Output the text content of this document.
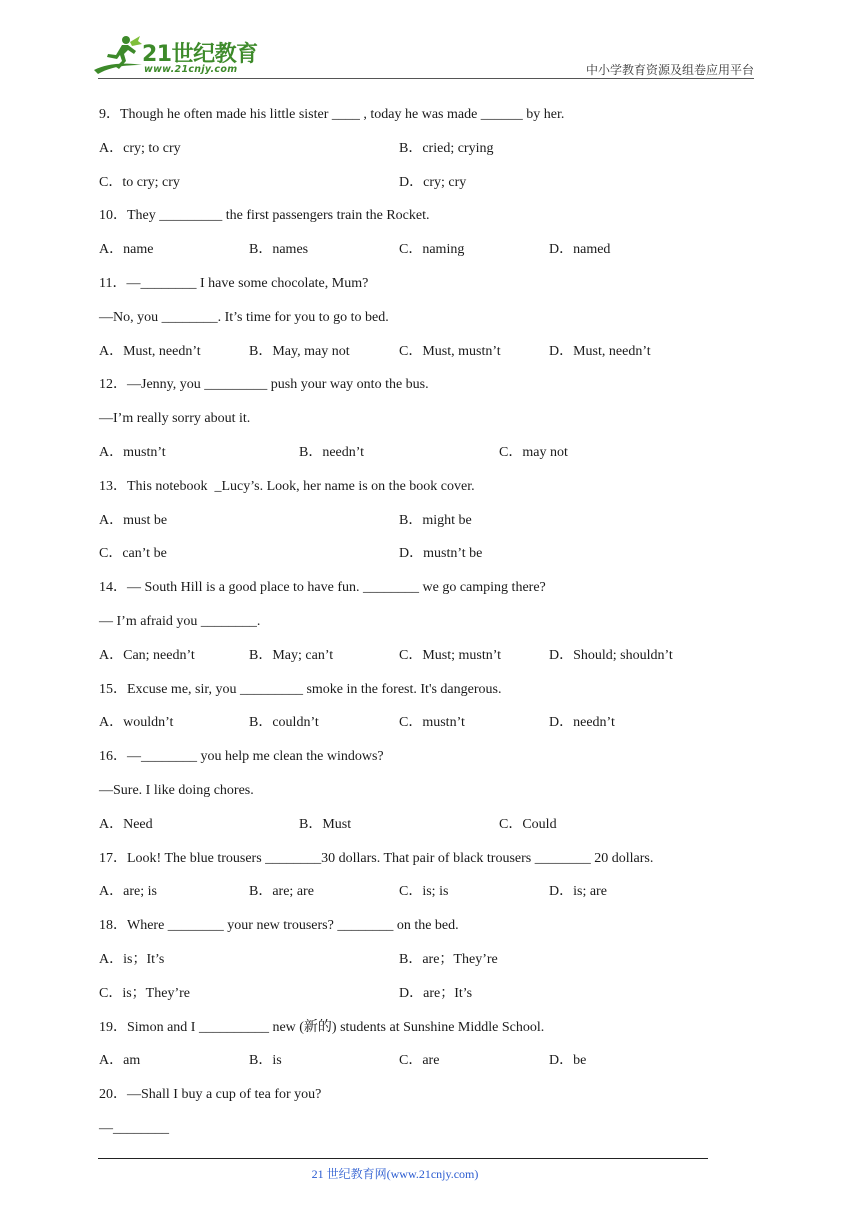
21世纪教育
www.21cnjy.com	中小学教育资源及组卷应用平台
9．Though he often made his little sister ____ , today he was made ______ by her.
A．cry; to cry	B．cried; crying
C．to cry; cry	D．cry; cry
10．They _________ the first passengers train the Rocket.
A．name	B．names	C．naming	D．named
11．—________ I have some chocolate, Mum?
—No, you ________. It’s time for you to go to bed.
A．Must, needn’t	B．May, may not	C．Must, mustn’t	D．Must, needn’t
12．—Jenny, you _________ push your way onto the bus.
—I’m really sorry about it.
A．mustn’t	B．needn’t	C．may not
13．This notebook  _Lucy’s. Look, her name is on the book cover.
A．must be	B．might be
C．can’t be	D．mustn’t be
14．— South Hill is a good place to have fun. ________ we go camping there?
— I’m afraid you ________.
A．Can; needn’t	B．May; can’t	C．Must; mustn’t	D．Should; shouldn’t
15．Excuse me, sir, you _________ smoke in the forest. It's dangerous.
A．wouldn’t	B．couldn’t	C．mustn’t	D．needn’t
16．—________ you help me clean the windows?
—Sure. I like doing chores.
A．Need	B．Must	C．Could
17．Look! The blue trousers ________30 dollars. That pair of black trousers ________ 20 dollars.
A．are; is	B．are; are	C．is; is	D．is; are
18．Where ________ your new trousers? ________ on the bed.
A．is；It’s	B．are；They’re
C．is；They’re	D．are；It’s
19．Simon and I __________ new (新的) students at Sunshine Middle School.
A．am	B．is	C．are	D．be
20．—Shall I buy a cup of tea for you?
—________
21 世纪教育网(www.21cnjy.com)
